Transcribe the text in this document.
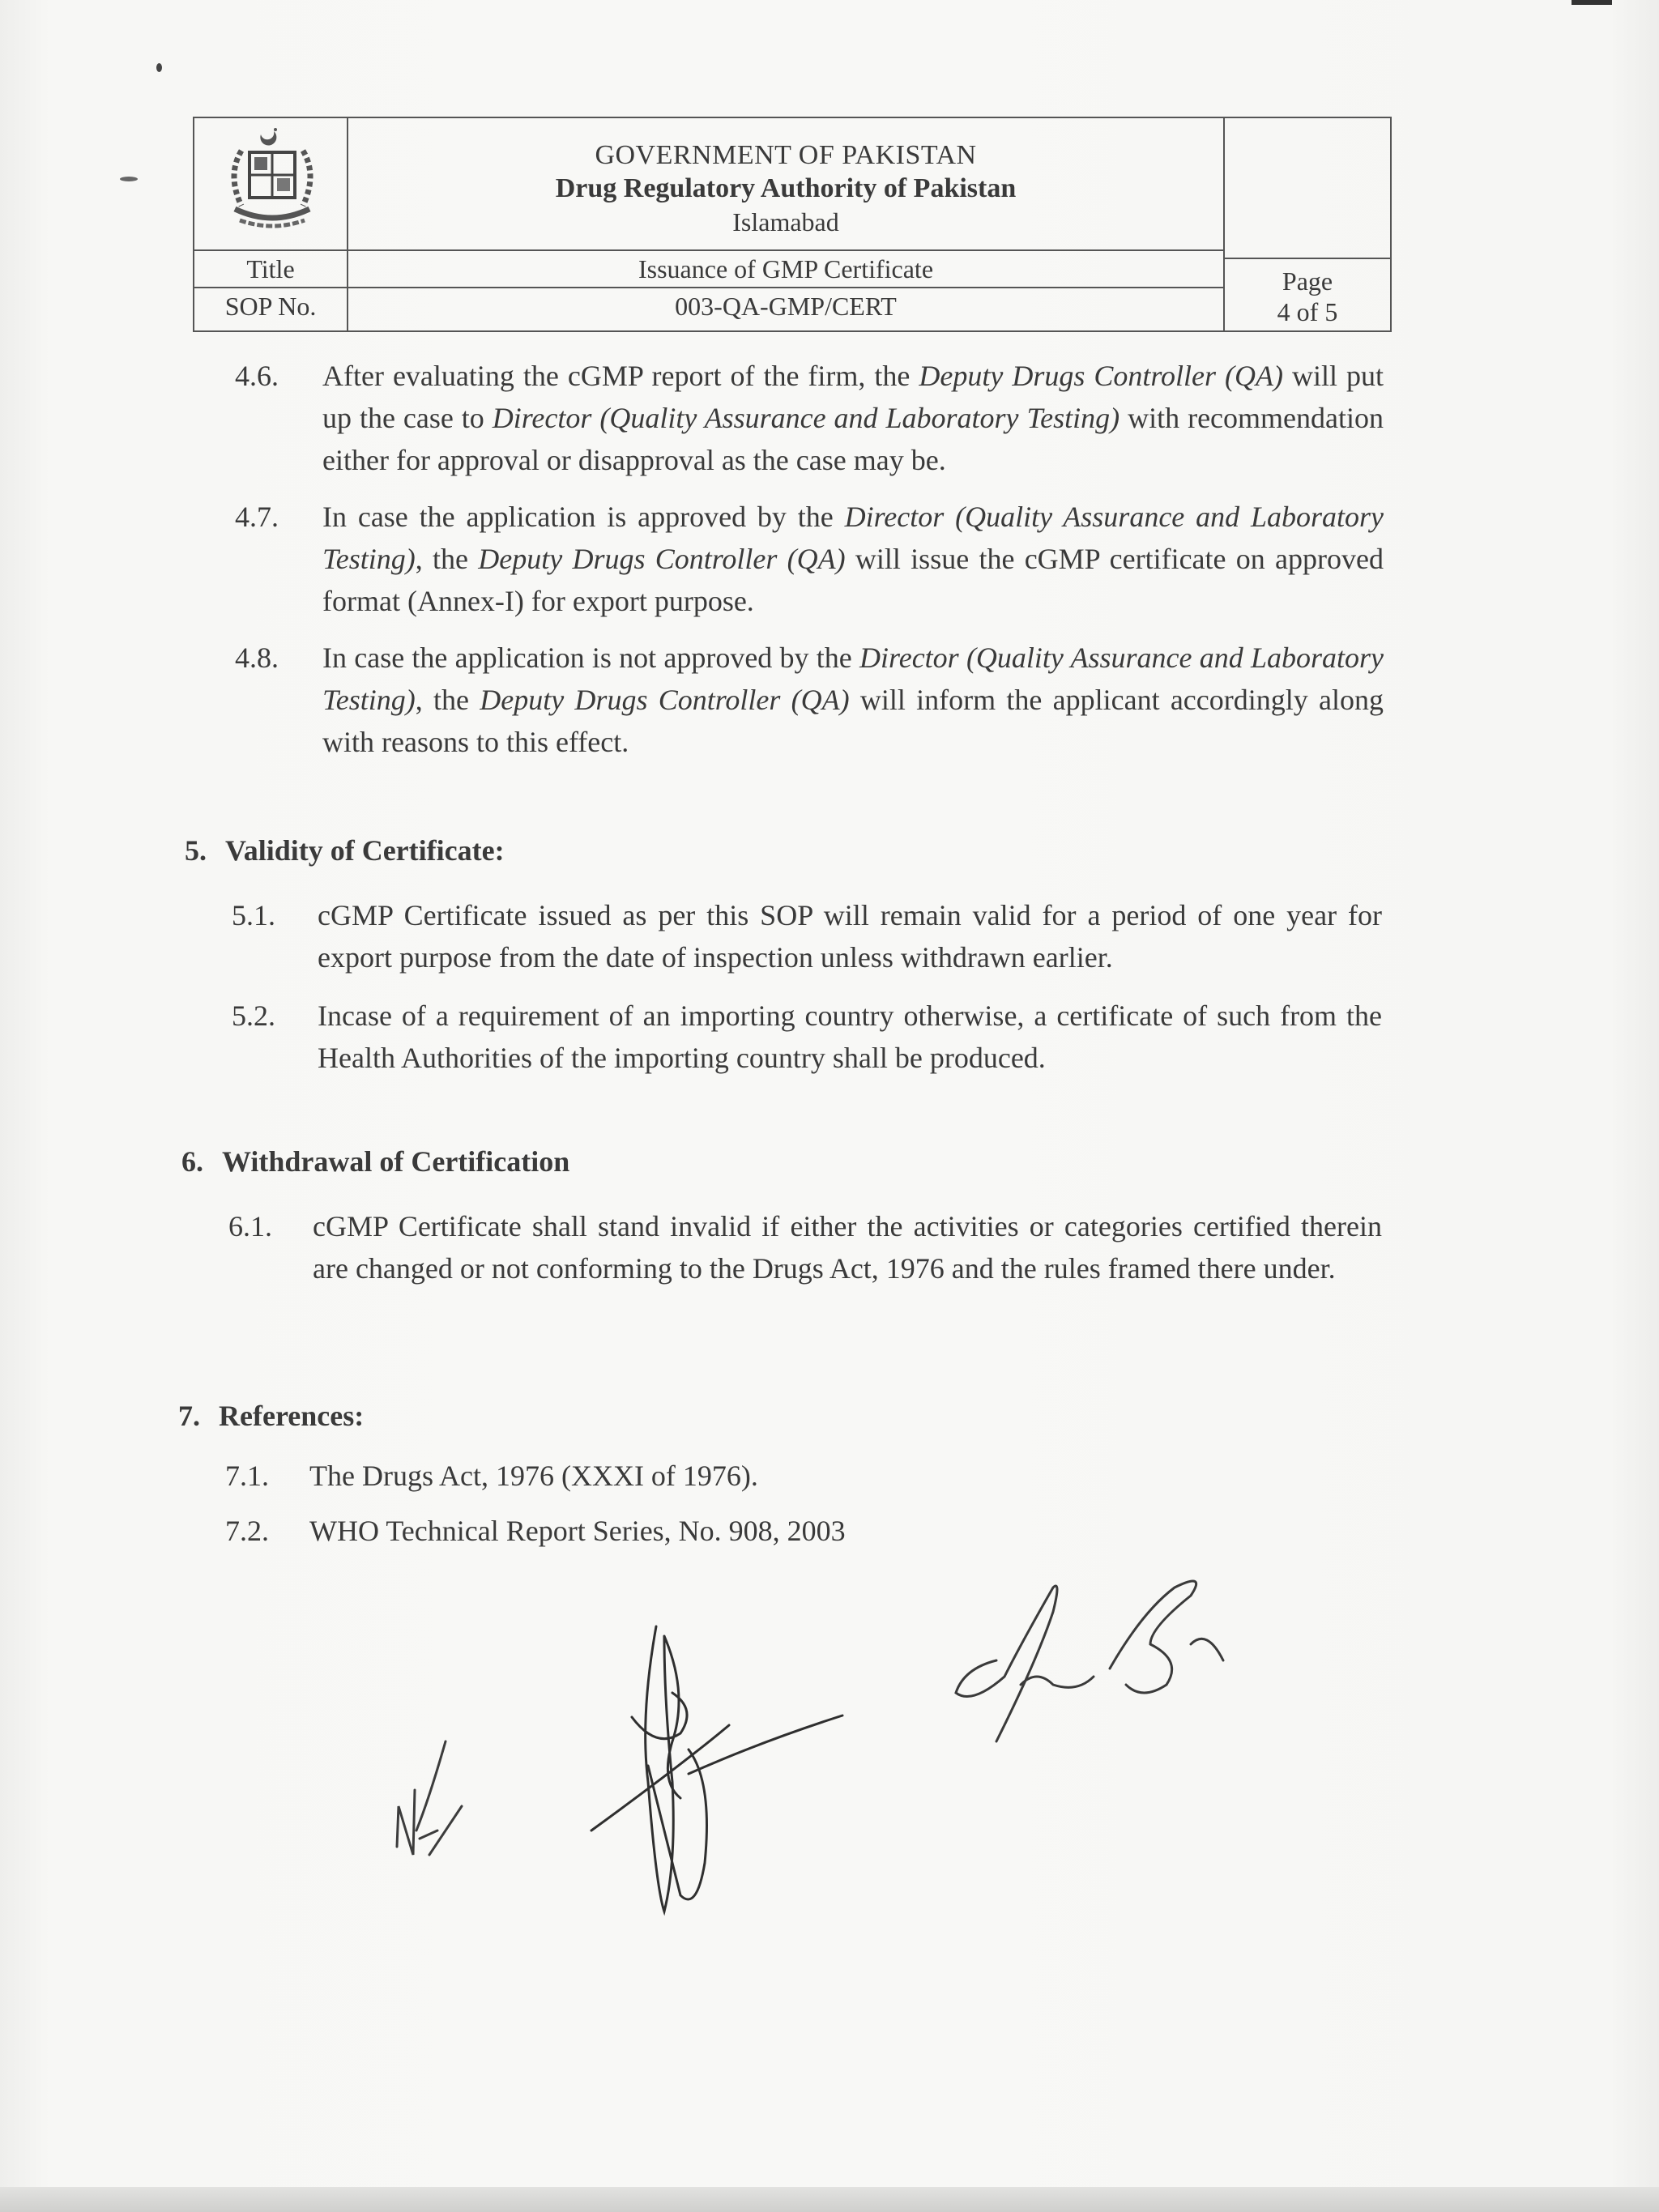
GOVERNMENT OF PAKISTAN
Drug Regulatory Authority of Pakistan
Islamabad
Title	Issuance of GMP Certificate
SOP No.	003-QA-GMP/CERT
Page
4 of 5
4.6. After evaluating the cGMP report of the firm, the Deputy Drugs Controller (QA) will put up the case to Director (Quality Assurance and Laboratory Testing) with recommendation either for approval or disapproval as the case may be.
4.7. In case the application is approved by the Director (Quality Assurance and Laboratory Testing), the Deputy Drugs Controller (QA) will issue the cGMP certificate on approved format (Annex-I) for export purpose.
4.8. In case the application is not approved by the Director (Quality Assurance and Laboratory Testing), the Deputy Drugs Controller (QA) will inform the applicant accordingly along with reasons to this effect.
5. Validity of Certificate:
5.1. cGMP Certificate issued as per this SOP will remain valid for a period of one year for export purpose from the date of inspection unless withdrawn earlier.
5.2. Incase of a requirement of an importing country otherwise, a certificate of such from the Health Authorities of the importing country shall be produced.
6. Withdrawal of Certification
6.1. cGMP Certificate shall stand invalid if either the activities or categories certified therein are changed or not conforming to the Drugs Act, 1976 and the rules framed there under.
7. References:
7.1. The Drugs Act, 1976 (XXXI of 1976).
7.2. WHO Technical Report Series, No. 908, 2003
